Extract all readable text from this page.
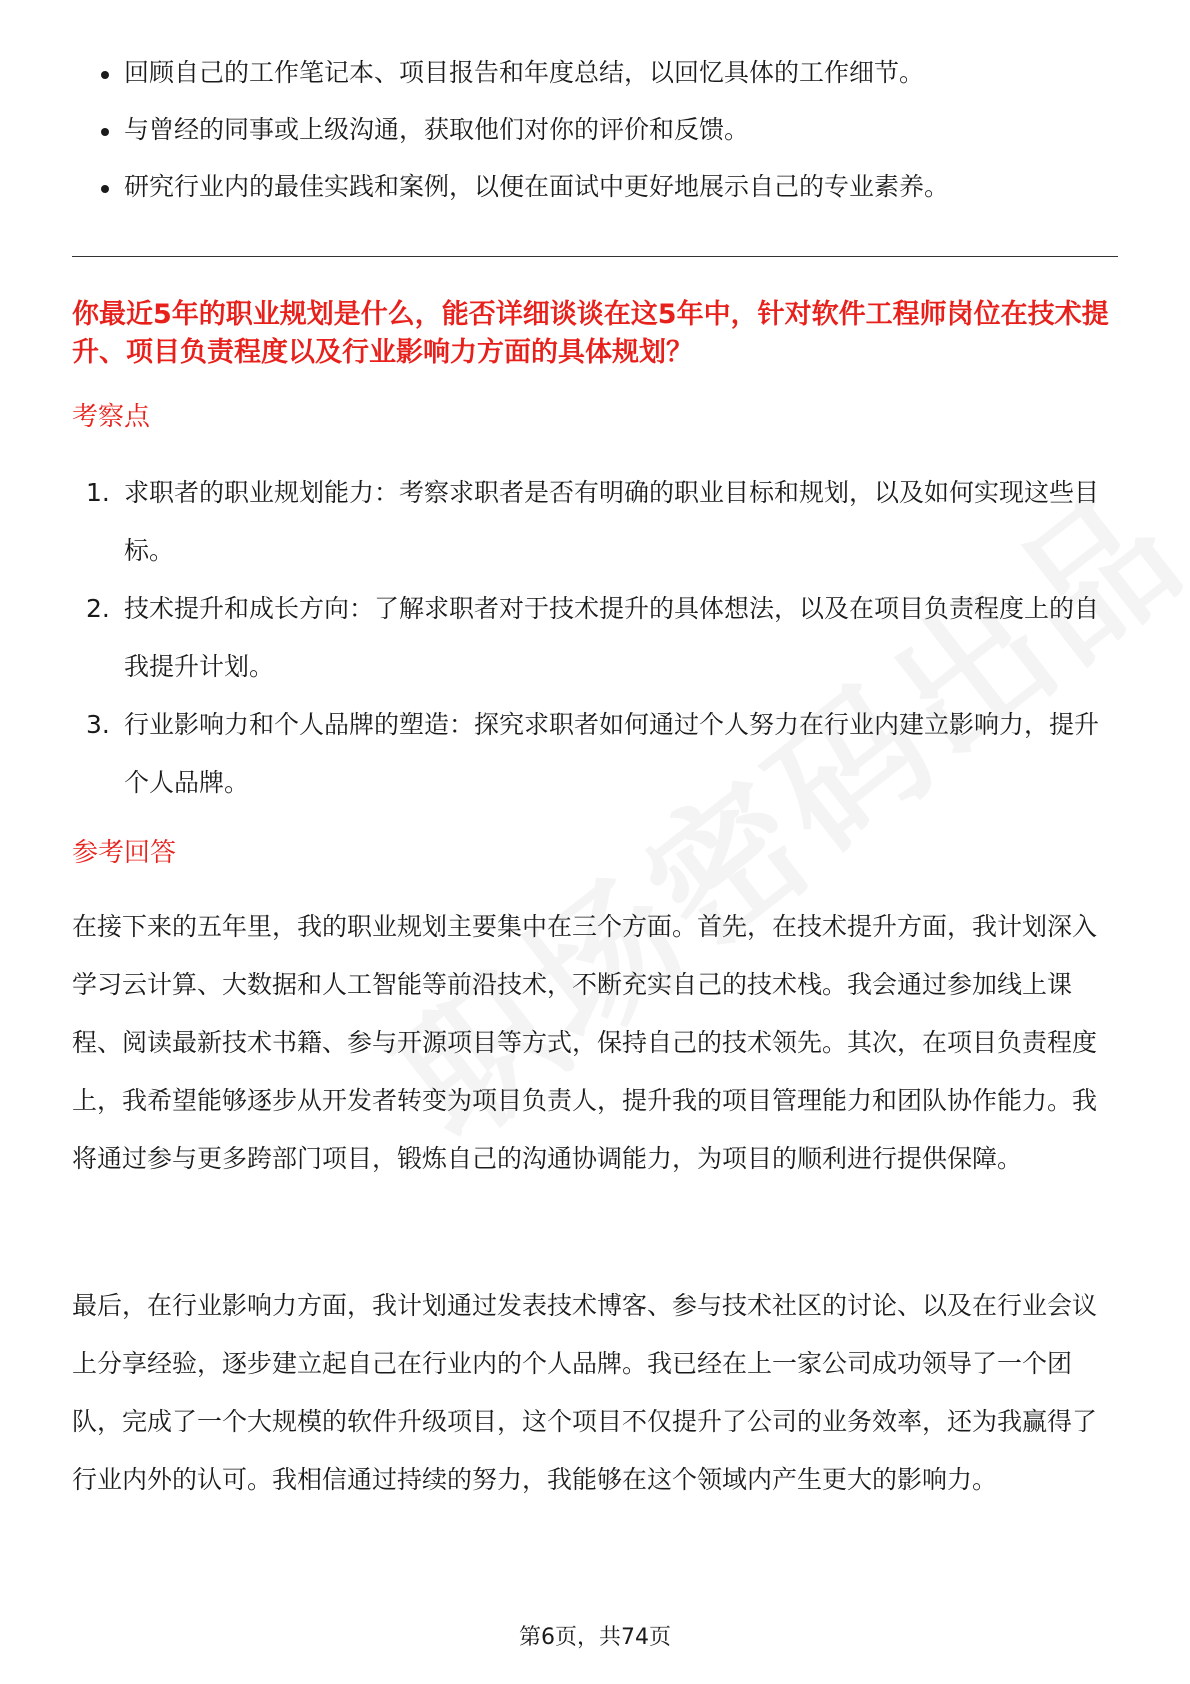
回顾自己的工作笔记本、项目报告和年度总结，以回忆具体的工作细节。
与曾经的同事或上级沟通，获取他们对你的评价和反馈。
研究行业内的最佳实践和案例，以便在面试中更好地展示自己的专业素养。
你最近5年的职业规划是什么，能否详细谈谈在这5年中，针对软件工程师岗位在技术提升、项目负责程度以及行业影响力方面的具体规划？
考察点
1. 求职者的职业规划能力：考察求职者是否有明确的职业目标和规划，以及如何实现这些目标。
2. 技术提升和成长方向：了解求职者对于技术提升的具体想法，以及在项目负责程度上的自我提升计划。
3. 行业影响力和个人品牌的塑造：探究求职者如何通过个人努力在行业内建立影响力，提升个人品牌。
参考回答

在接下来的五年里，我的职业规划主要集中在三个方面。首先，在技术提升方面，我计划深入学习云计算、大数据和人工智能等前沿技术，不断充实自己的技术栈。我会通过参加线上课程、阅读最新技术书籍、参与开源项目等方式，保持自己的技术领先。其次，在项目负责程度上，我希望能够逐步从开发者转变为项目负责人，提升我的项目管理能力和团队协作能力。我将通过参与更多跨部门项目，锻炼自己的沟通协调能力，为项目的顺利进行提供保障。

最后，在行业影响力方面，我计划通过发表技术博客、参与技术社区的讨论、以及在行业会议上分享经验，逐步建立起自己在行业内的个人品牌。我已经在上一家公司成功领导了一个团队，完成了一个大规模的软件升级项目，这个项目不仅提升了公司的业务效率，还为我赢得了行业内外的认可。我相信通过持续的努力，我能够在这个领域内产生更大的影响力。

第6页，共74页
